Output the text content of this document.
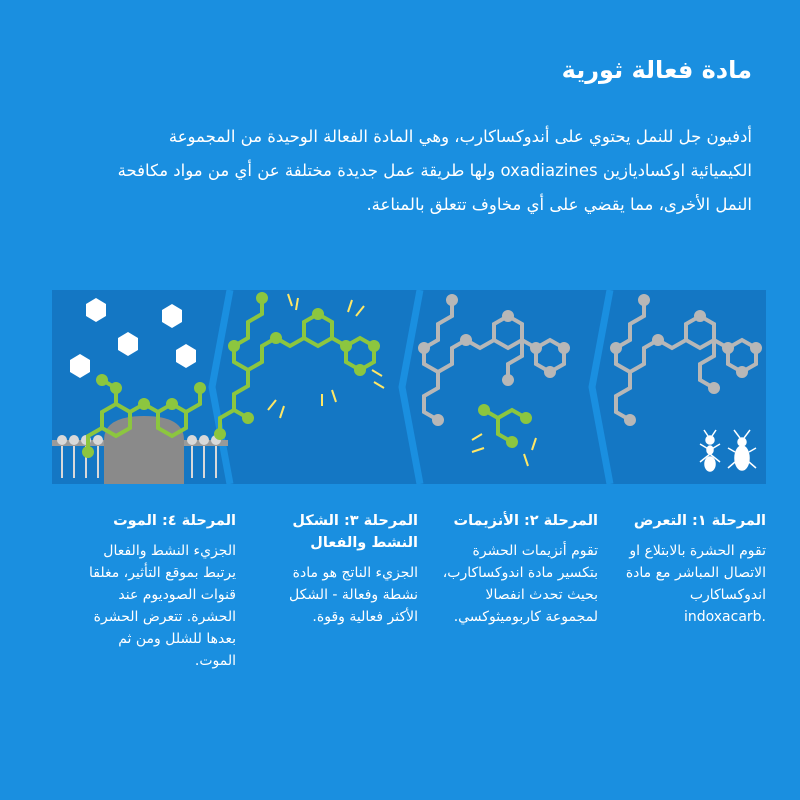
مادة فعالة ثورية
أدفيون جل للنمل يحتوي على أندوكساكارب، وهي المادة الفعالة الوحيدة من المجموعة
الكيميائية اوكساديازين oxadiazines ولها طريقة عمل جديدة مختلفة عن أي من مواد مكافحة
النمل الأخرى، مما يقضي على أي مخاوف تتعلق بالمناعة.
المرحلة ١: التعرض
تقوم الحشرة بالابتلاع او الاتصال المباشر مع مادة اندوكساكارب
indoxacarb.
المرحلة ٢: الأنزيمات
تقوم أنزيمات الحشرة بتكسير مادة اندوكساكارب، بحيث تحدث انفصالا لمجموعة كاربوميثوكسي.
المرحلة ٣: الشكل النشط والفعال
الجزيء الناتج هو مادة نشطة وفعالة - الشكل الأكثر فعالية وقوة.
المرحلة ٤: الموت
الجزيء النشط والفعال يرتبط بموقع التأثير، مغلقا قنوات الصوديوم عند الحشرة. تتعرض الحشرة بعدها للشلل ومن ثم الموت.
